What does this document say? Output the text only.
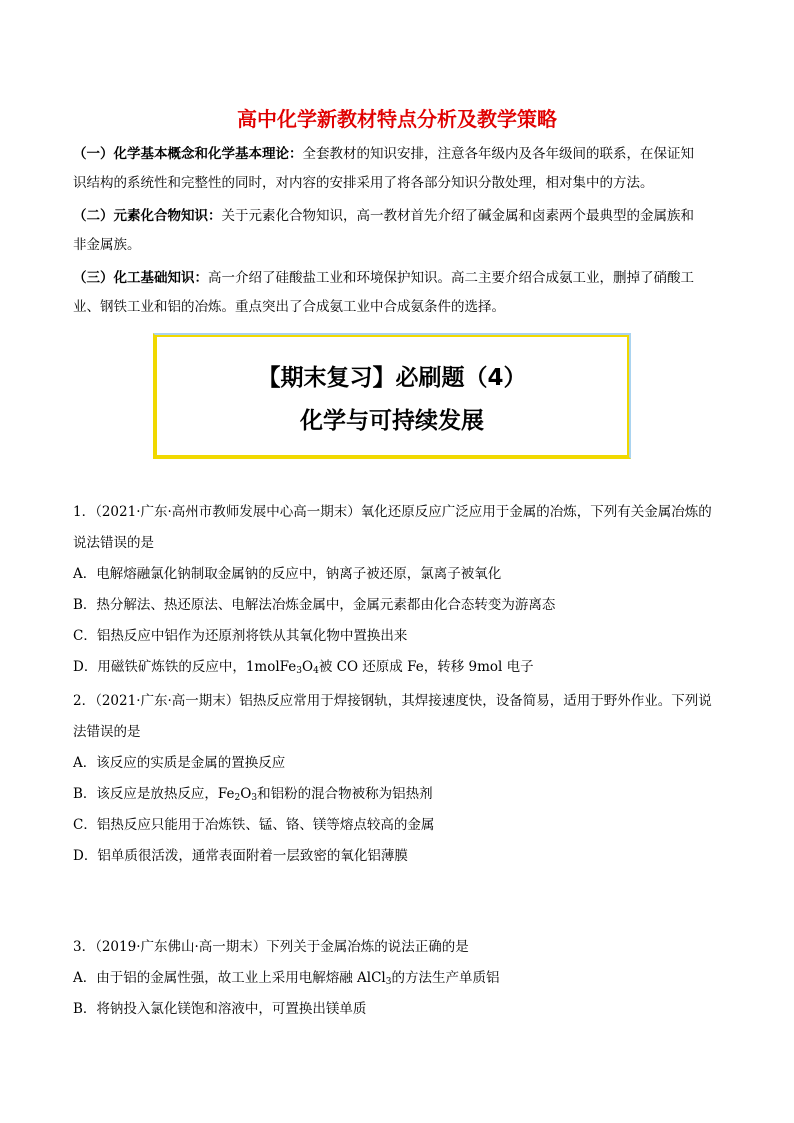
高中化学新教材特点分析及教学策略
（一）化学基本概念和化学基本理论：全套教材的知识安排，注意各年级内及各年级间的联系，在保证知
识结构的系统性和完整性的同时，对内容的安排采用了将各部分知识分散处理，相对集中的方法。
（二）元素化合物知识：关于元素化合物知识，高一教材首先介绍了碱金属和卤素两个最典型的金属族和
非金属族。
（三）化工基础知识：高一介绍了硅酸盐工业和环境保护知识。高二主要介绍合成氨工业，删掉了硝酸工
业、钢铁工业和铝的冶炼。重点突出了合成氨工业中合成氨条件的选择。
【期末复习】必刷题（4）
化学与可持续发展
1．（2021·广东·高州市教师发展中心高一期末）氧化还原反应广泛应用于金属的冶炼，下列有关金属冶炼的
说法错误的是
A．电解熔融氯化钠制取金属钠的反应中，钠离子被还原，氯离子被氧化
B．热分解法、热还原法、电解法冶炼金属中，金属元素都由化合态转变为游离态
C．铝热反应中铝作为还原剂将铁从其氧化物中置换出来
D．用磁铁矿炼铁的反应中，$1molFe_3O_4$被 CO 还原成 Fe，转移 9mol 电子
2．（2021·广东·高一期末）铝热反应常用于焊接钢轨，其焊接速度快，设备简易，适用于野外作业。下列说
法错误的是
A．该反应的实质是金属的置换反应
B．该反应是放热反应，$Fe_2O_3$和铝粉的混合物被称为铝热剂
C．铝热反应只能用于冶炼铁、锰、铬、镁等熔点较高的金属
D．铝单质很活泼，通常表面附着一层致密的氧化铝薄膜
3．（2019·广东佛山·高一期末）下列关于金属冶炼的说法正确的是
A．由于铝的金属性强，故工业上采用电解熔融 AlCl$_3$的方法生产单质铝
B．将钠投入氯化镁饱和溶液中，可置换出镁单质
